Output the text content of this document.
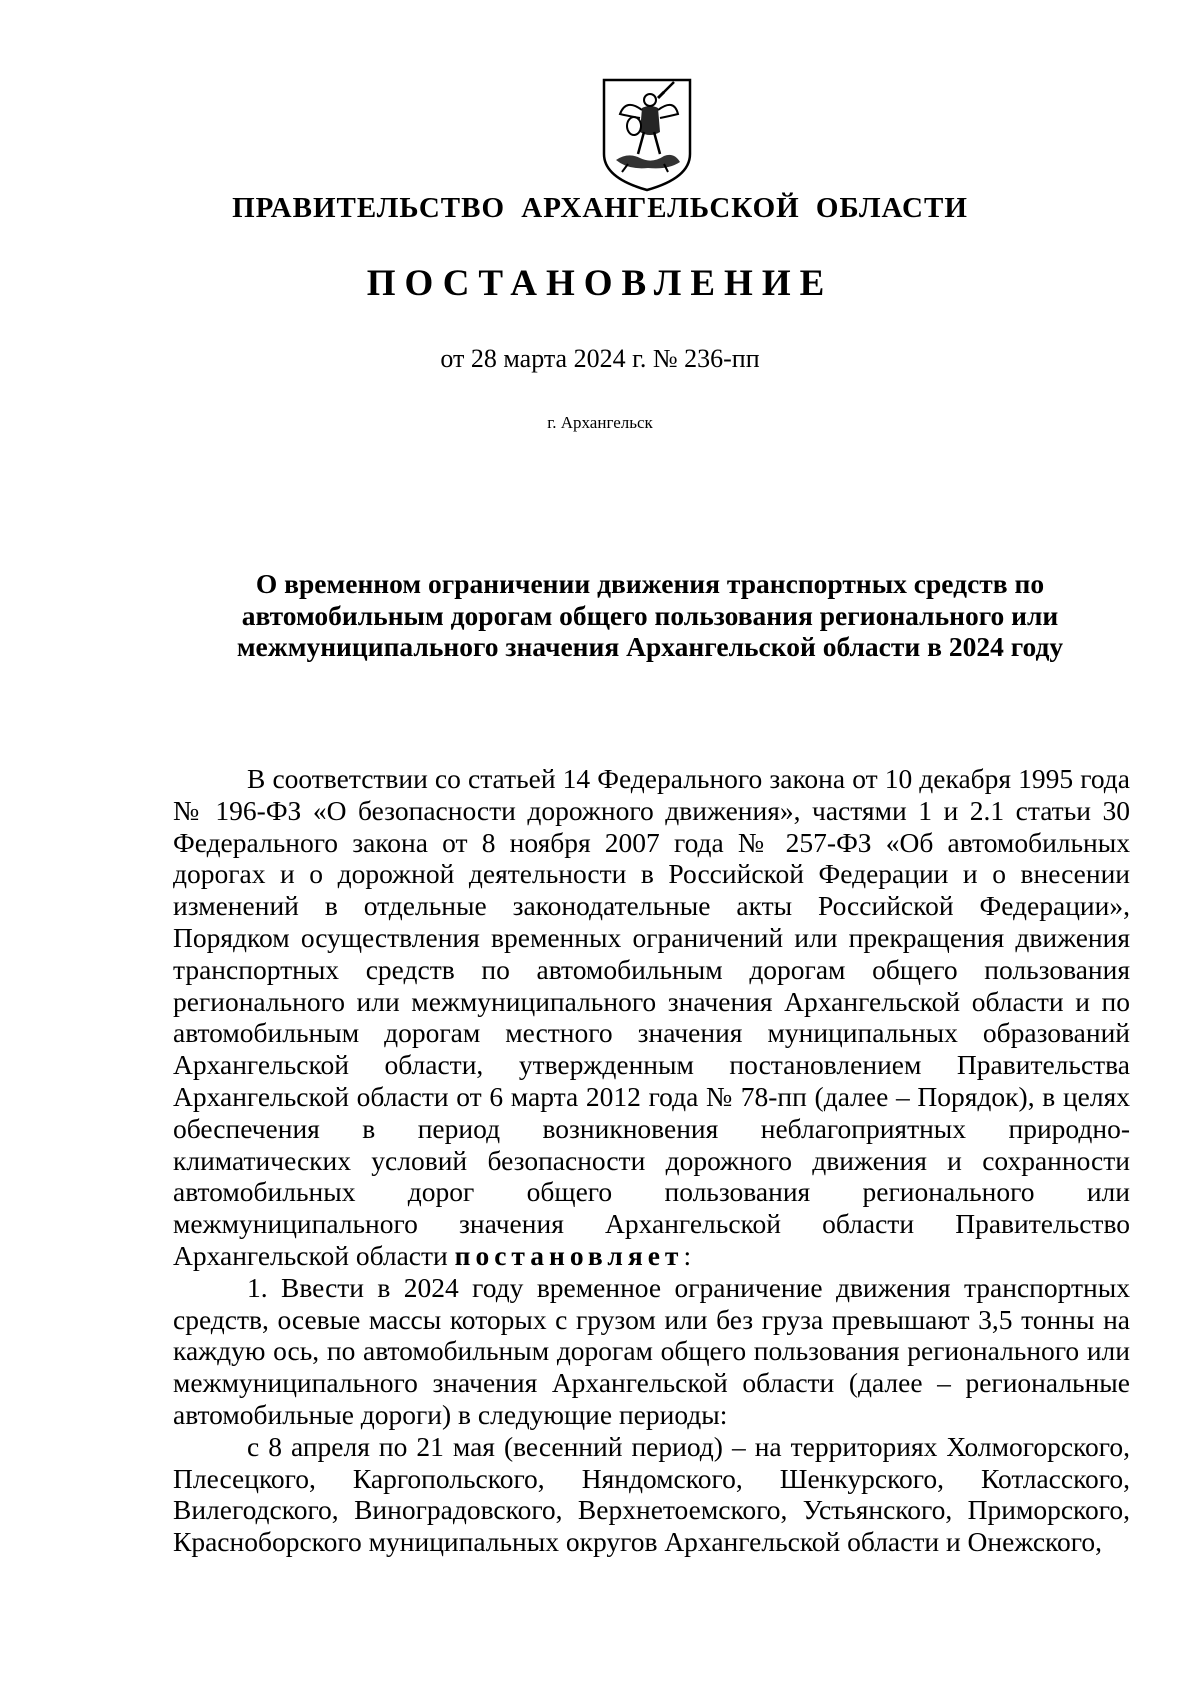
ПРАВИТЕЛЬСТВО АРХАНГЕЛЬСКОЙ ОБЛАСТИ
ПОСТАНОВЛЕНИЕ
от 28 марта 2024 г. № 236-пп
г. Архангельск
О временном ограничении движения транспортных средств по автомобильным дорогам общего пользования регионального или межмуниципального значения Архангельской области в 2024 году

В соответствии со статьей 14 Федерального закона от 10 декабря 1995 года № 196-ФЗ «О безопасности дорожного движения», частями 1 и 2.1 статьи 30 Федерального закона от 8 ноября 2007 года № 257-ФЗ «Об автомобильных дорогах и о дорожной деятельности в Российской Федерации и о внесении изменений в отдельные законодательные акты Российской Федерации», Порядком осуществления временных ограничений или прекращения движения транспортных средств по автомобильным дорогам общего пользования регионального или межмуниципального значения Архангельской области и по автомобильным дорогам местного значения муниципальных образований Архангельской области, утвержденным постановлением Правительства Архангельской области от 6 марта 2012 года № 78-пп (далее – Порядок), в целях обеспечения в период возникновения неблагоприятных природно-климатических условий безопасности дорожного движения и сохранности автомобильных дорог общего пользования регионального или межмуниципального значения Архангельской области Правительство Архангельской области постановляет:

1. Ввести в 2024 году временное ограничение движения транспортных средств, осевые массы которых с грузом или без груза превышают 3,5 тонны на каждую ось, по автомобильным дорогам общего пользования регионального или межмуниципального значения Архангельской области (далее – региональные автомобильные дороги) в следующие периоды:

с 8 апреля по 21 мая (весенний период) – на территориях Холмогорского, Плесецкого, Каргопольского, Няндомского, Шенкурского, Котласского, Вилегодского, Виноградовского, Верхнетоемского, Устьянского, Приморского, Красноборского муниципальных округов Архангельской области и Онежского,
